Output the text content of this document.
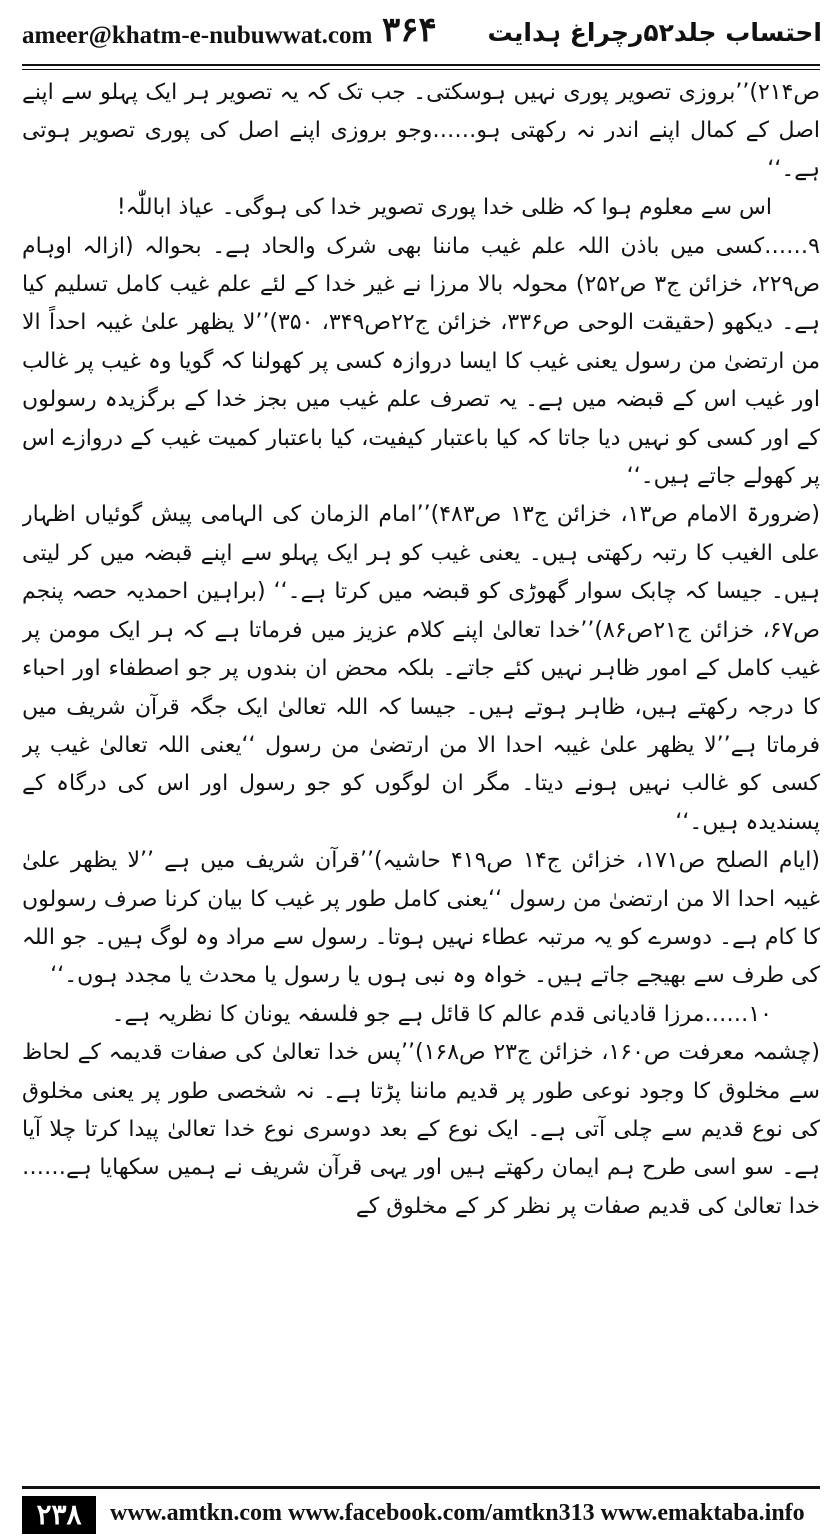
ameer@khatm-e-nubuwwat.com ۳۶۴ احتساب جلد۵۲رچراغ ہدایت

ص۲۱۴)’’بروزی تصویر پوری نہیں ہوسکتی۔ جب تک کہ یہ تصویر ہر ایک پہلو سے اپنے اصل کے کمال اپنے اندر نہ رکھتی ہو……وجو بروزی اپنے اصل کی پوری تصویر ہوتی ہے۔‘‘

اس سے معلوم ہوا کہ ظلی خدا پوری تصویر خدا کی ہوگی۔ عیاذ اباللّٰہ!

۹……کسی میں باذن اللہ علم غیب ماننا بھی شرک والحاد ہے۔ بحوالہ (ازالہ اوہام ص۲۲۹، خزائن ج۳ ص۲۵۲) محولہ بالا مرزا نے غیر خدا کے لئے علم غیب کامل تسلیم کیا ہے۔ دیکھو (حقیقت الوحی ص۳۳۶، خزائن ج۲۲ص۳۴۹، ۳۵۰)’’لا یظھر علیٰ غیبہ احداً الا من ارتضیٰ من رسول یعنی غیب کا ایسا دروازہ کسی پر کھولنا کہ گویا وہ غیب پر غالب اور غیب اس کے قبضہ میں ہے۔ یہ تصرف علم غیب میں بجز خدا کے برگزیدہ رسولوں کے اور کسی کو نہیں دیا جاتا کہ کیا باعتبار کیفیت، کیا باعتبار کمیت غیب کے دروازے اس پر کھولے جاتے ہیں۔‘‘

(ضرورۃ الامام ص۱۳، خزائن ج۱۳ ص۴۸۳)’’امام الزمان کی الہامی پیش گوئیاں اظہار علی الغیب کا رتبہ رکھتی ہیں۔ یعنی غیب کو ہر ایک پہلو سے اپنے قبضہ میں کر لیتی ہیں۔ جیسا کہ چابک سوار گھوڑی کو قبضہ میں کرتا ہے۔‘‘ (براہین احمدیہ حصہ پنجم ص۶۷، خزائن ج۲۱ص۸۶)’’خدا تعالیٰ اپنے کلام عزیز میں فرماتا ہے کہ ہر ایک مومن پر غیب کامل کے امور ظاہر نہیں کئے جاتے۔ بلکہ محض ان بندوں پر جو اصطفاء اور احباء کا درجہ رکھتے ہیں، ظاہر ہوتے ہیں۔ جیسا کہ اللہ تعالیٰ ایک جگہ قرآن شریف میں فرماتا ہے’’لا یظھر علیٰ غیبہ احدا الا من ارتضیٰ من رسول ‘‘یعنی اللہ تعالیٰ غیب پر کسی کو غالب نہیں ہونے دیتا۔ مگر ان لوگوں کو جو رسول اور اس کی درگاہ کے پسندیدہ ہیں۔‘‘

(ایام الصلح ص۱۷۱، خزائن ج۱۴ ص۴۱۹ حاشیہ)’’قرآن شریف میں ہے ’’لا یظھر علیٰ غیبہ احدا الا من ارتضیٰ من رسول ‘‘یعنی کامل طور پر غیب کا بیان کرنا صرف رسولوں کا کام ہے۔ دوسرے کو یہ مرتبہ عطاء نہیں ہوتا۔ رسول سے مراد وہ لوگ ہیں۔ جو اللہ کی طرف سے بھیجے جاتے ہیں۔ خواہ وہ نبی ہوں یا رسول یا محدث یا مجدد ہوں۔‘‘

۱۰……مرزا قادیانی قدم عالم کا قائل ہے جو فلسفہ یونان کا نظریہ ہے۔

(چشمہ معرفت ص۱۶۰، خزائن ج۲۳ ص۱۶۸)’’پس خدا تعالیٰ کی صفات قدیمہ کے لحاظ سے مخلوق کا وجود نوعی طور پر قدیم ماننا پڑتا ہے۔ نہ شخصی طور پر یعنی مخلوق کی نوع قدیم سے چلی آتی ہے۔ ایک نوع کے بعد دوسری نوع خدا تعالیٰ پیدا کرتا چلا آیا ہے۔ سو اسی طرح ہم ایمان رکھتے ہیں اور یہی قرآن شریف نے ہمیں سکھایا ہے……خدا تعالیٰ کی قدیم صفات پر نظر کر کے مخلوق کے

۲۳۸	www.amtkn.com www.facebook.com/amtkn313 www.emaktaba.info
